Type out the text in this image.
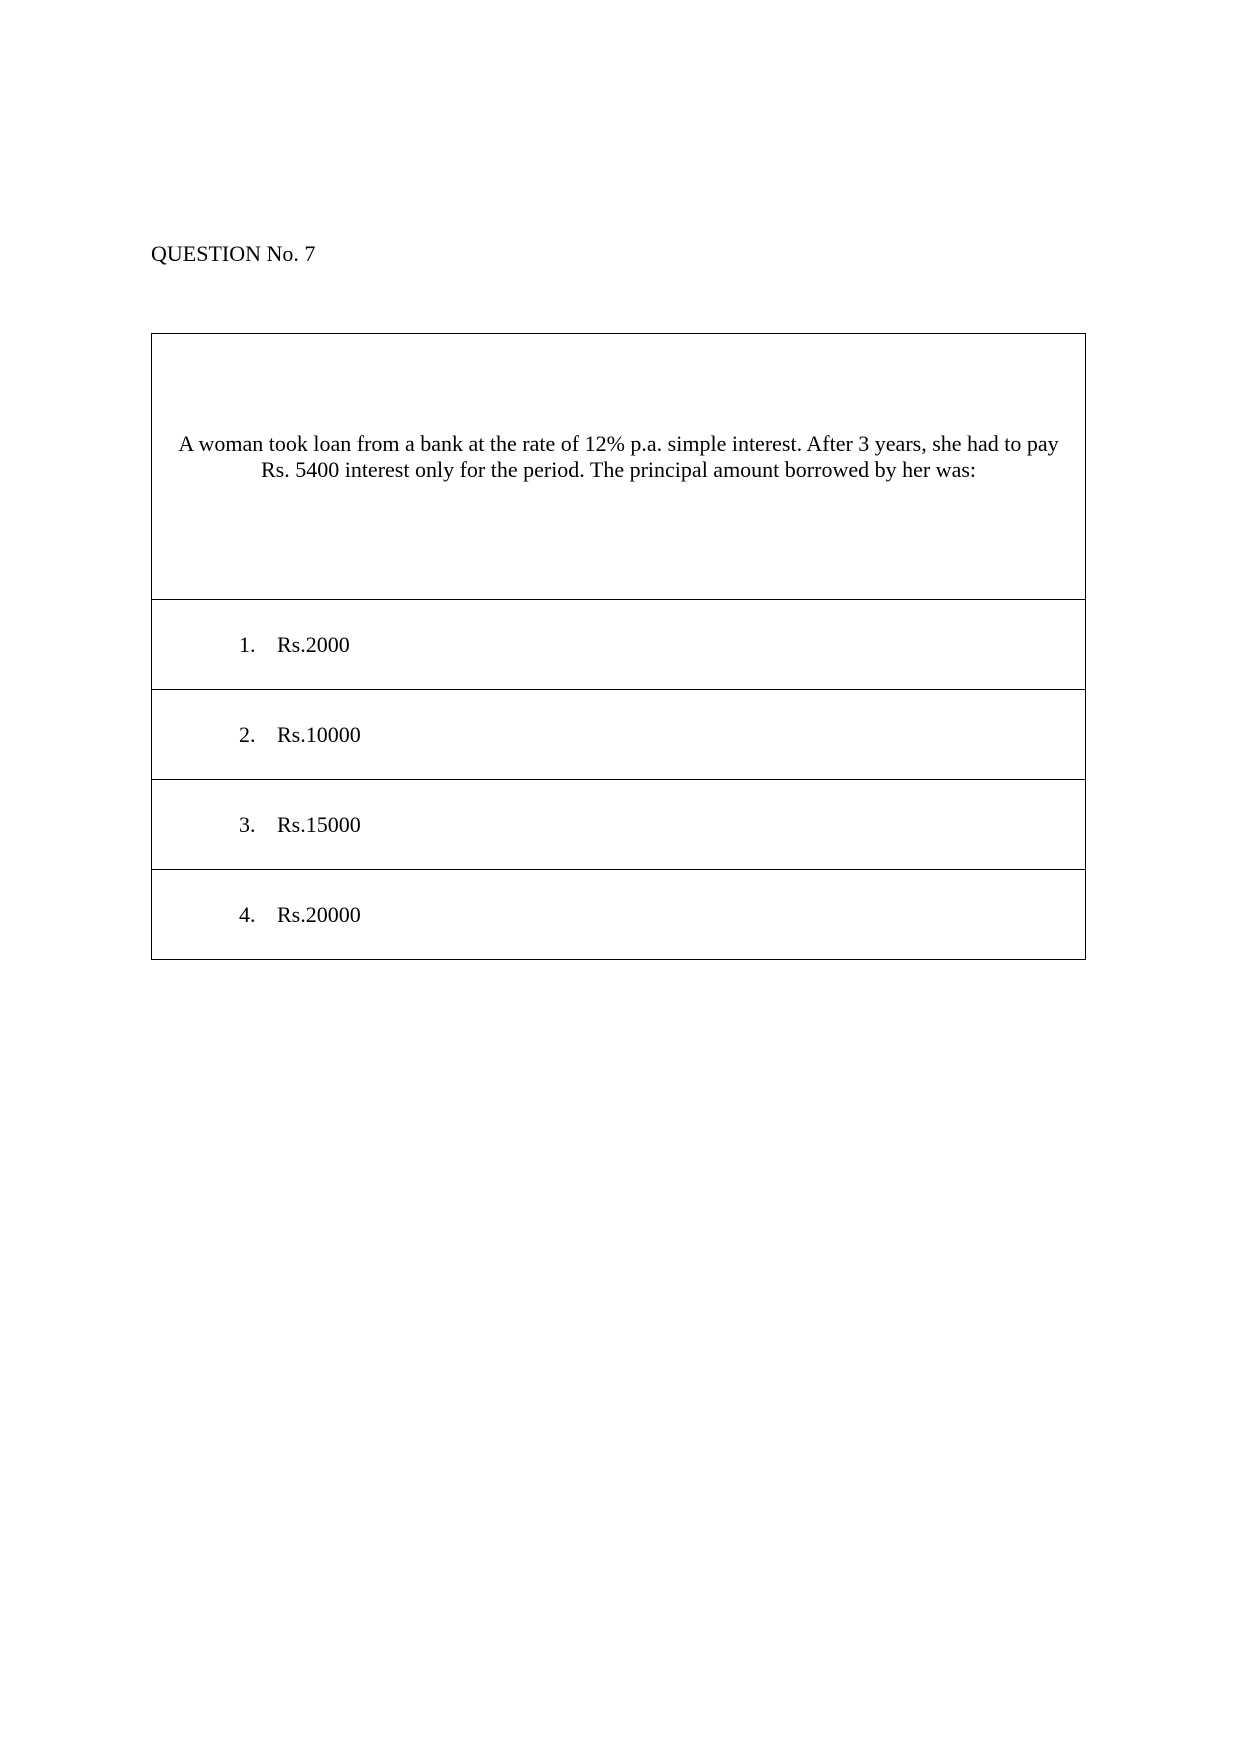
QUESTION No. 7

A woman took loan from a bank at the rate of 12% p.a. simple interest. After 3 years, she had to pay Rs. 5400 interest only for the period. The principal amount borrowed by her was:

1. Rs.2000
2. Rs.10000
3. Rs.15000
4. Rs.20000
